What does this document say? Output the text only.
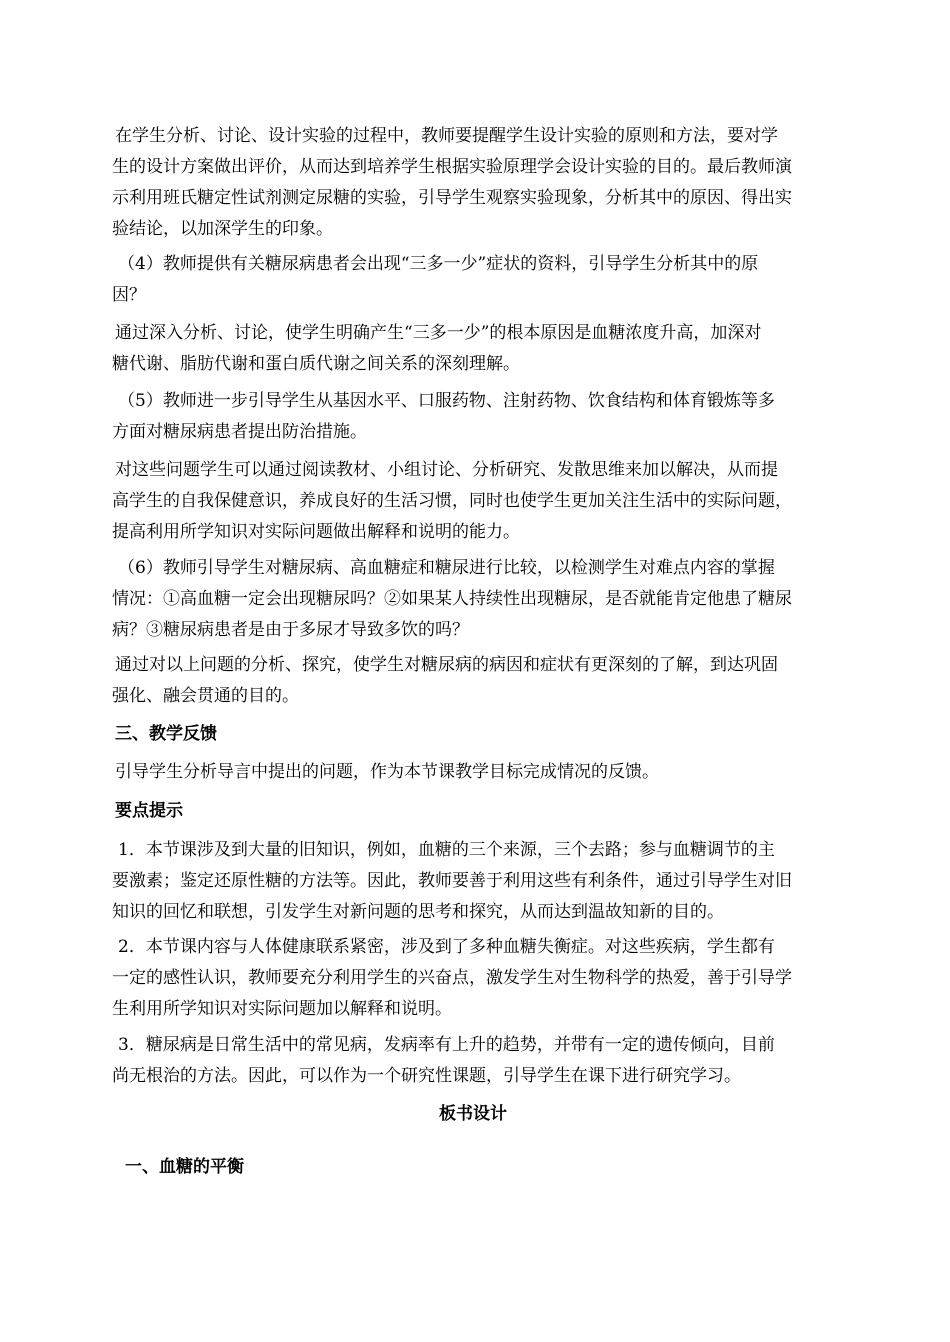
在学生分析、讨论、设计实验的过程中，教师要提醒学生设计实验的原则和方法，要对学
生的设计方案做出评价，从而达到培养学生根据实验原理学会设计实验的目的。最后教师演
示利用班氏糖定性试剂测定尿糖的实验，引导学生观察实验现象，分析其中的原因、得出实
验结论，以加深学生的印象。
（4）教师提供有关糖尿病患者会出现“三多一少”症状的资料，引导学生分析其中的原
因？
通过深入分析、讨论，使学生明确产生“三多一少”的根本原因是血糖浓度升高，加深对
糖代谢、脂肪代谢和蛋白质代谢之间关系的深刻理解。
（5）教师进一步引导学生从基因水平、口服药物、注射药物、饮食结构和体育锻炼等多
方面对糖尿病患者提出防治措施。
对这些问题学生可以通过阅读教材、小组讨论、分析研究、发散思维来加以解决，从而提
高学生的自我保健意识，养成良好的生活习惯，同时也使学生更加关注生活中的实际问题，
提高利用所学知识对实际问题做出解释和说明的能力。
（6）教师引导学生对糖尿病、高血糖症和糖尿进行比较，以检测学生对难点内容的掌握
情况：①高血糖一定会出现糖尿吗？②如果某人持续性出现糖尿，是否就能肯定他患了糖尿
病？③糖尿病患者是由于多尿才导致多饮的吗？
通过对以上问题的分析、探究，使学生对糖尿病的病因和症状有更深刻的了解，到达巩固
强化、融会贯通的目的。
三、教学反馈
引导学生分析导言中提出的问题，作为本节课教学目标完成情况的反馈。
要点提示
1．本节课涉及到大量的旧知识，例如，血糖的三个来源，三个去路；参与血糖调节的主
要激素；鉴定还原性糖的方法等。因此，教师要善于利用这些有利条件，通过引导学生对旧
知识的回忆和联想，引发学生对新问题的思考和探究，从而达到温故知新的目的。
2．本节课内容与人体健康联系紧密，涉及到了多种血糖失衡症。对这些疾病，学生都有
一定的感性认识，教师要充分利用学生的兴奋点，激发学生对生物科学的热爱，善于引导学
生利用所学知识对实际问题加以解释和说明。
3．糖尿病是日常生活中的常见病，发病率有上升的趋势，并带有一定的遗传倾向，目前
尚无根治的方法。因此，可以作为一个研究性课题，引导学生在课下进行研究学习。
板书设计
一、血糖的平衡
